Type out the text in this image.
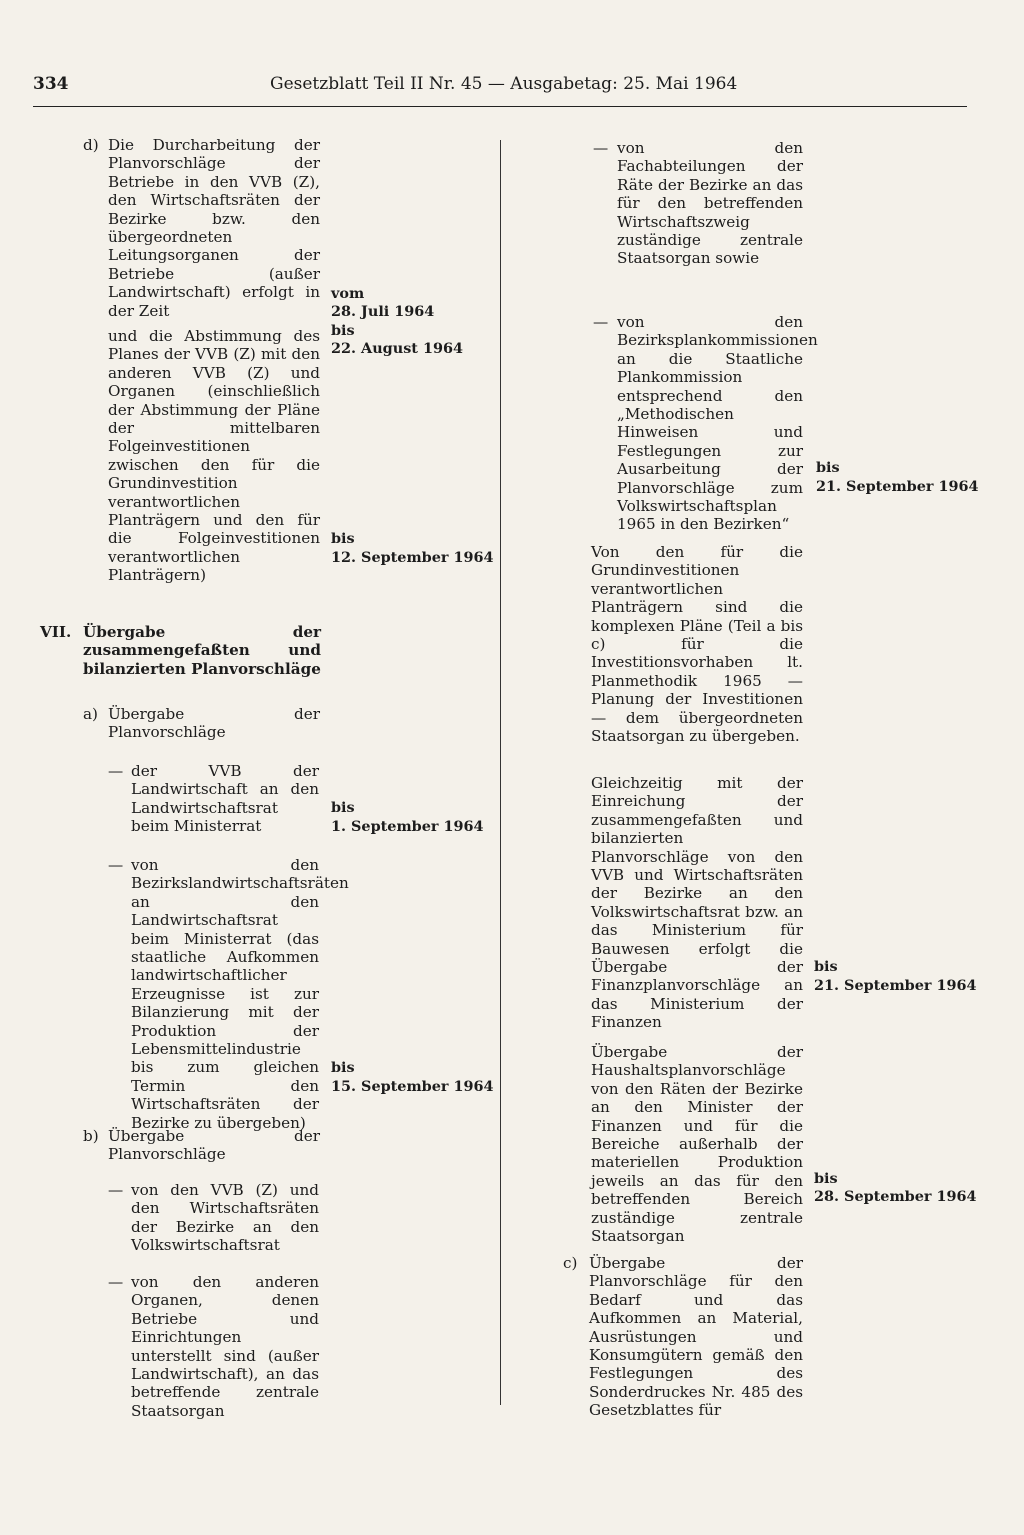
334	Gesetzblatt Teil II Nr. 45 — Ausgabetag: 25. Mai 1964
d) Die Durcharbeitung der Planvorschläge der Betriebe in den VVB (Z), den Wirtschaftsräten der Bezirke bzw. den übergeordneten Leitungsorganen der Betriebe (außer Landwirtschaft) erfolgt in der Zeit

und die Abstimmung des Planes der VVB (Z) mit den anderen VVB (Z) und Organen (einschließlich der Abstimmung der Pläne der mittelbaren Folgeinvestitionen zwischen den für die Grundinvestition verantwortlichen Planträgern und den für die Folgeinvestitionen verantwortlichen Planträgern)

vom
28. Juli 1964
bis
22. August 1964
bis
12. September 1964
VII. Übergabe der zusammengefaßten und bilanzierten Planvorschläge

a) Übergabe der Planvorschläge

— der VVB der Landwirtschaft an den Landwirtschaftsrat beim Ministerrat

bis
1. September 1964
— von den Bezirkslandwirtschaftsräten an den Landwirtschaftsrat beim Ministerrat (das staatliche Aufkommen landwirtschaftlicher Erzeugnisse ist zur Bilanzierung mit der Produktion der Lebensmittelindustrie bis zum gleichen Termin den Wirtschaftsräten der Bezirke zu übergeben)

bis
15. September 1964
b) Übergabe der Planvorschläge

— von den VVB (Z) und den Wirtschaftsräten der Bezirke an den Volkswirtschaftsrat

— von den anderen Organen, denen Betriebe und Einrichtungen unterstellt sind (außer Landwirtschaft), an das betreffende zentrale Staatsorgan

— von den Fachabteilungen der Räte der Bezirke an das für den betreffenden Wirtschaftszweig zuständige zentrale Staatsorgan sowie

— von den Bezirksplankommissionen an die Staatliche Plankommission entsprechend den „Methodischen Hinweisen und Festlegungen zur Ausarbeitung der Planvorschläge zum Volkswirtschaftsplan 1965 in den Bezirken“

bis
21. September 1964

Von den für die Grundinvestitionen verantwortlichen Planträgern sind die komplexen Pläne (Teil a bis c) für die Investitionsvorhaben lt. Planmethodik 1965 — Planung der Investitionen — dem übergeordneten Staatsorgan zu übergeben.

Gleichzeitig mit der Einreichung der zusammengefaßten und bilanzierten Planvorschläge von den VVB und Wirtschaftsräten der Bezirke an den Volkswirtschaftsrat bzw. an das Ministerium für Bauwesen erfolgt die Übergabe der Finanzplanvorschläge an das Ministerium der Finanzen

bis
21. September 1964

Übergabe der Haushaltsplanvorschläge von den Räten der Bezirke an den Minister der Finanzen und für die Bereiche außerhalb der materiellen Produktion jeweils an das für den betreffenden Bereich zuständige zentrale Staatsorgan

bis
28. September 1964
c) Übergabe der Planvorschläge für den Bedarf und das Aufkommen an Material, Ausrüstungen und Konsumgütern gemäß den Festlegungen des Sonderdruckes Nr. 485 des Gesetzblattes für
